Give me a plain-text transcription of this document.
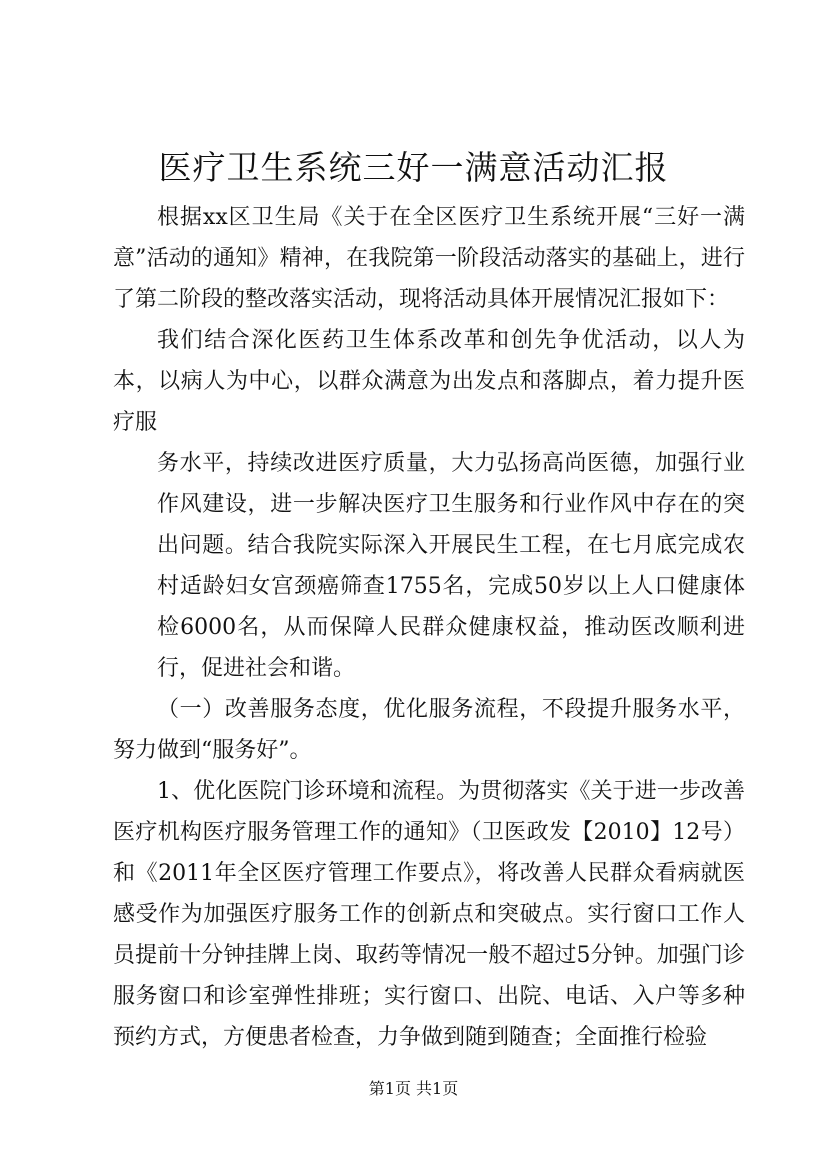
医疗卫生系统三好一满意活动汇报

根据xx区卫生局《关于在全区医疗卫生系统开展“三好一满意”活动的通知》精神，在我院第一阶段活动落实的基础上，进行了第二阶段的整改落实活动，现将活动具体开展情况汇报如下：

我们结合深化医药卫生体系改革和创先争优活动，以人为本，以病人为中心，以群众满意为出发点和落脚点，着力提升医疗服

务水平，持续改进医疗质量，大力弘扬高尚医德，加强行业作风建设，进一步解决医疗卫生服务和行业作风中存在的突出问题。结合我院实际深入开展民生工程，在七月底完成农村适龄妇女宫颈癌筛查1755名，完成50岁以上人口健康体检6000名，从而保障人民群众健康权益，推动医改顺利进行，促进社会和谐。

（一）改善服务态度，优化服务流程，不段提升服务水平，努力做到“服务好”。

1、优化医院门诊环境和流程。为贯彻落实《关于进一步改善医疗机构医疗服务管理工作的通知》（卫医政发【2010】12号）和《2011年全区医疗管理工作要点》，将改善人民群众看病就医感受作为加强医疗服务工作的创新点和突破点。实行窗口工作人员提前十分钟挂牌上岗、取药等情况一般不超过5分钟。加强门诊服务窗口和诊室弹性排班；实行窗口、出院、电话、入户等多种预约方式，方便患者检查，力争做到随到随查；全面推行检验

第1页 共1页
